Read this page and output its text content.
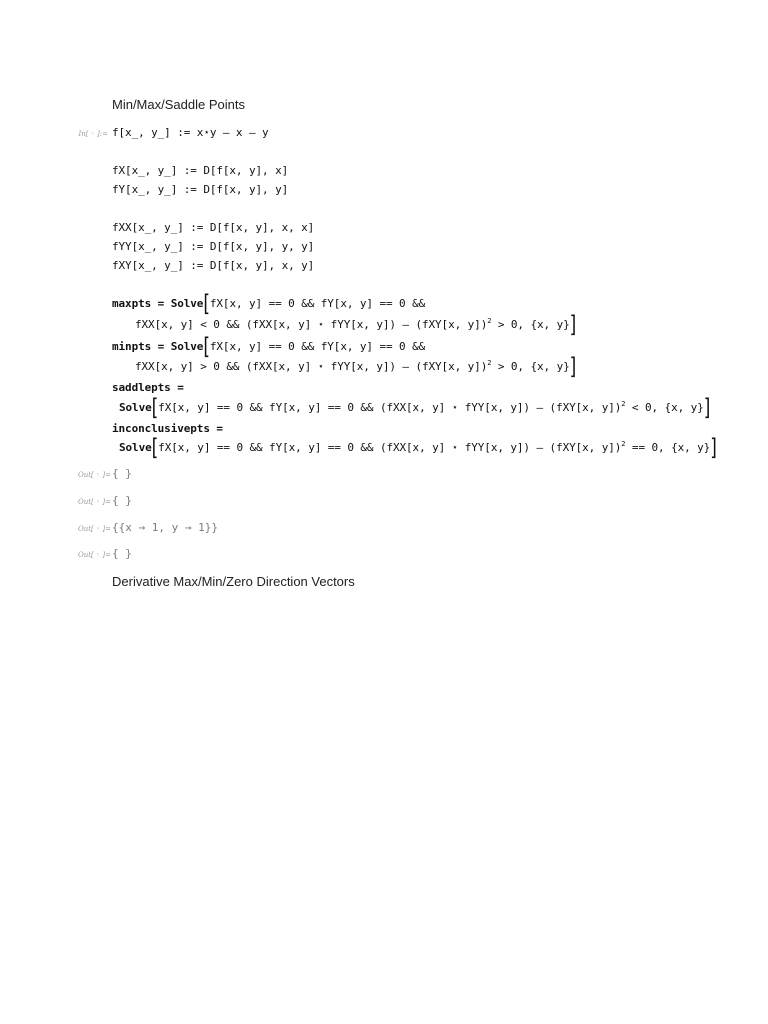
Min/Max/Saddle Points
In[ ◦ ]:= f[x_, y_] := x⋆y – x – y
fX[x_, y_] := D[f[x, y], x]
fY[x_, y_] := D[f[x, y], y]
fXX[x_, y_] := D[f[x, y], x, x]
fYY[x_, y_] := D[f[x, y], y, y]
fXY[x_, y_] := D[f[x, y], x, y]
maxpts = Solve[fX[x, y] == 0 && fY[x, y] == 0 &&
fXX[x, y] < 0 && (fXX[x, y] ⋆ fYY[x, y]) – (fXY[x, y])$^2$ > 0, {x, y}]
minpts = Solve[fX[x, y] == 0 && fY[x, y] == 0 &&
fXX[x, y] > 0 && (fXX[x, y] ⋆ fYY[x, y]) – (fXY[x, y])$^2$ > 0, {x, y}]
saddlepts =
Solve[fX[x, y] == 0 && fY[x, y] == 0 && (fXX[x, y] ⋆ fYY[x, y]) – (fXY[x, y])$^2$ < 0, {x, y}]
inconclusivepts =
Solve[fX[x, y] == 0 && fY[x, y] == 0 && (fXX[x, y] ⋆ fYY[x, y]) – (fXY[x, y])$^2$ == 0, {x, y}]
Out[ ◦ ]= { }
Out[ ◦ ]= { }
Out[ ◦ ]= {{x → 1, y → 1}}
Out[ ◦ ]= { }
Derivative Max/Min/Zero Direction Vectors
